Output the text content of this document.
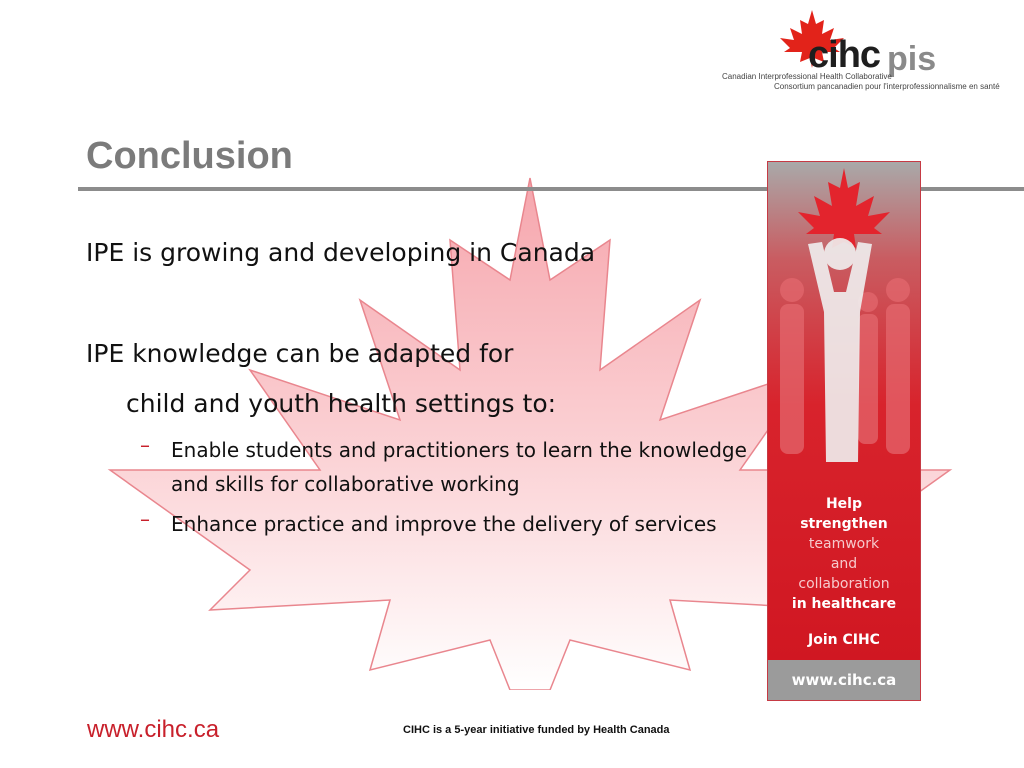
cihc pis
Canadian Interprofessional Health Collaborative
Consortium pancanadien pour l'interprofessionnalisme en santé
Conclusion
IPE is growing and developing in Canada
IPE knowledge can be adapted for
child and youth health settings to:
– Enable students and practitioners to learn the knowledge and skills for collaborative working
– Enhance practice and improve the delivery of services
Help
strengthen
teamwork
and
collaboration
in healthcare
Join CIHC
www.cihc.ca
www.cihc.ca	CIHC is a 5-year initiative funded by Health Canada
